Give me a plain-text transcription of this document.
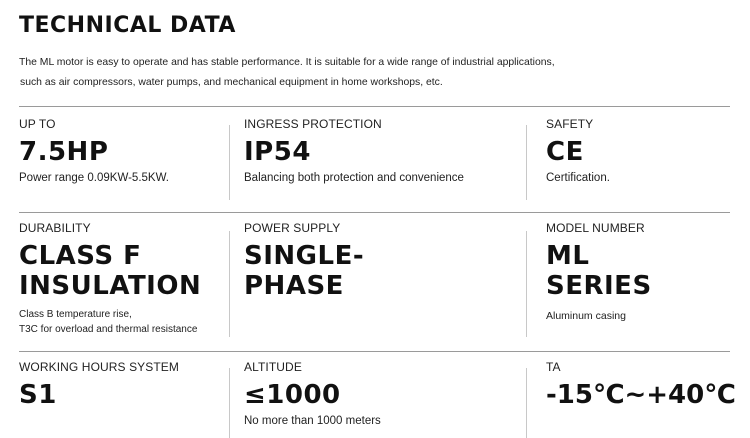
TECHNICAL DATA
The ML motor is easy to operate and has stable performance. It is suitable for a wide range of industrial applications,
such as air compressors, water pumps, and mechanical equipment in home workshops, etc.
UP TO
7.5HP
Power range 0.09KW-5.5KW.
INGRESS PROTECTION
IP54
Balancing both protection and convenience
SAFETY
CE
Certification.
DURABILITY
CLASS F
INSULATION
Class B temperature rise,
T3C for overload and thermal resistance
POWER SUPPLY
SINGLE-
PHASE
MODEL NUMBER
ML
SERIES
Aluminum casing
WORKING HOURS SYSTEM
S1
ALTITUDE
≤1000
No more than 1000 meters
TA
-15℃~+40℃
